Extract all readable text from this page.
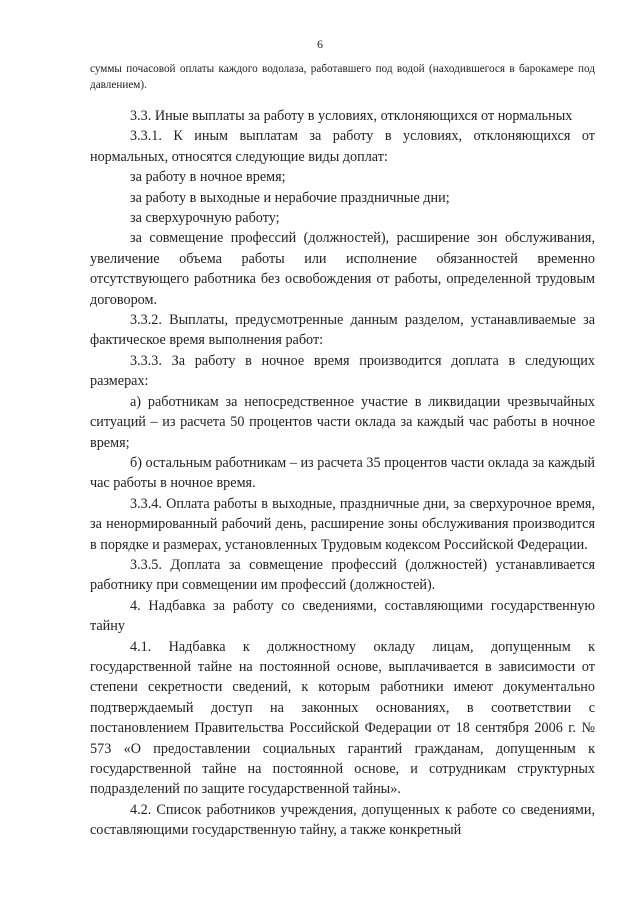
6
суммы почасовой оплаты каждого водолаза, работавшего под водой (находившегося в барокамере под давлением).

3.3. Иные выплаты за работу в условиях, отклоняющихся от нормальных

3.3.1. К иным выплатам за работу в условиях, отклоняющихся от нормальных, относятся следующие виды доплат:

за работу в ночное время;

за работу в выходные и нерабочие праздничные дни;

за сверхурочную работу;

за совмещение профессий (должностей), расширение зон обслуживания, увеличение объема работы или исполнение обязанностей временно отсутствующего работника без освобождения от работы, определенной трудовым договором.

3.3.2. Выплаты, предусмотренные данным разделом, устанавливаемые за фактическое время выполнения работ:

3.3.3. За работу в ночное время производится доплата в следующих размерах:

а) работникам за непосредственное участие в ликвидации чрезвычайных ситуаций – из расчета 50 процентов части оклада за каждый час работы в ночное время;

б) остальным работникам – из расчета 35 процентов части оклада за каждый час работы в ночное время.

3.3.4. Оплата работы в выходные, праздничные дни, за сверхурочное время, за ненормированный рабочий день, расширение зоны обслуживания производится в порядке и размерах, установленных Трудовым кодексом Российской Федерации.

3.3.5. Доплата за совмещение профессий (должностей) устанавливается работнику при совмещении им профессий (должностей).

4. Надбавка за работу со сведениями, составляющими государственную тайну

4.1. Надбавка к должностному окладу лицам, допущенным к государственной тайне на постоянной основе, выплачивается в зависимости от степени секретности сведений, к которым работники имеют документально подтверждаемый доступ на законных основаниях, в соответствии с постановлением Правительства Российской Федерации от 18 сентября 2006 г. № 573 «О предоставлении социальных гарантий гражданам, допущенным к государственной тайне на постоянной основе, и сотрудникам структурных подразделений по защите государственной тайны».

4.2. Список работников учреждения, допущенных к работе со сведениями, составляющими государственную тайну, а также конкретный
